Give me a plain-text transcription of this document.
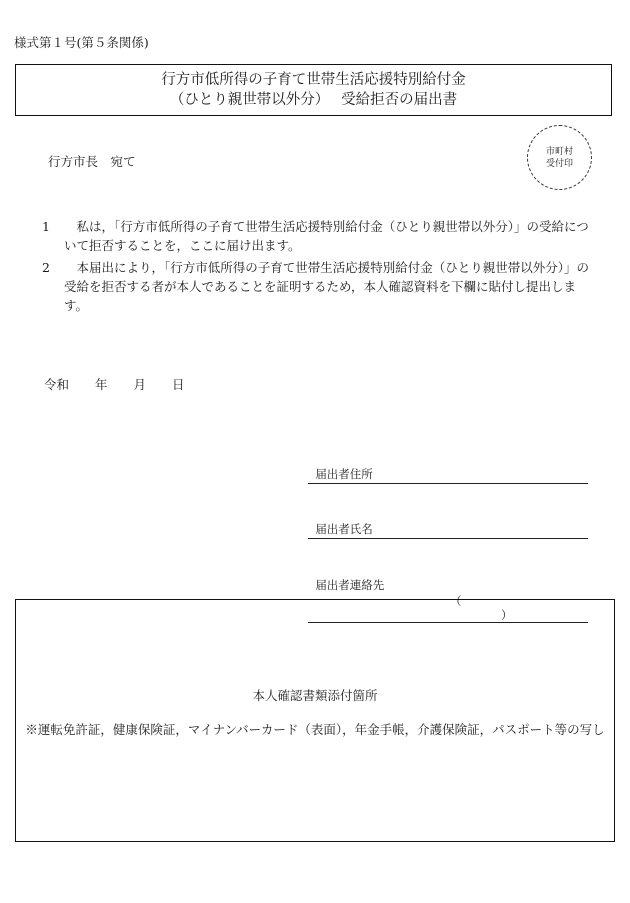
様式第１号(第５条関係)
行方市低所得の子育て世帯生活応援特別給付金
（ひとり親世帯以外分）　 受給拒否の届出書
行方市長　宛て
市町村
受付印
1	私は，「行方市低所得の子育て世帯生活応援特別給付金（ひとり親世帯以外分）」の受給について拒否することを，ここに届け出ます。
2	本届出により，「行方市低所得の子育て世帯生活応援特別給付金（ひとり親世帯以外分）」の受給を拒否する者が本人であることを証明するため，本人確認資料を下欄に貼付し提出します。
令和 年 月 日

届出者住所

届出者氏名

届出者連絡先

（

）

本人確認書類添付箇所
※運転免許証，健康保険証，マイナンバーカード（表面），年金手帳，介護保険証，パスポート等の写し
